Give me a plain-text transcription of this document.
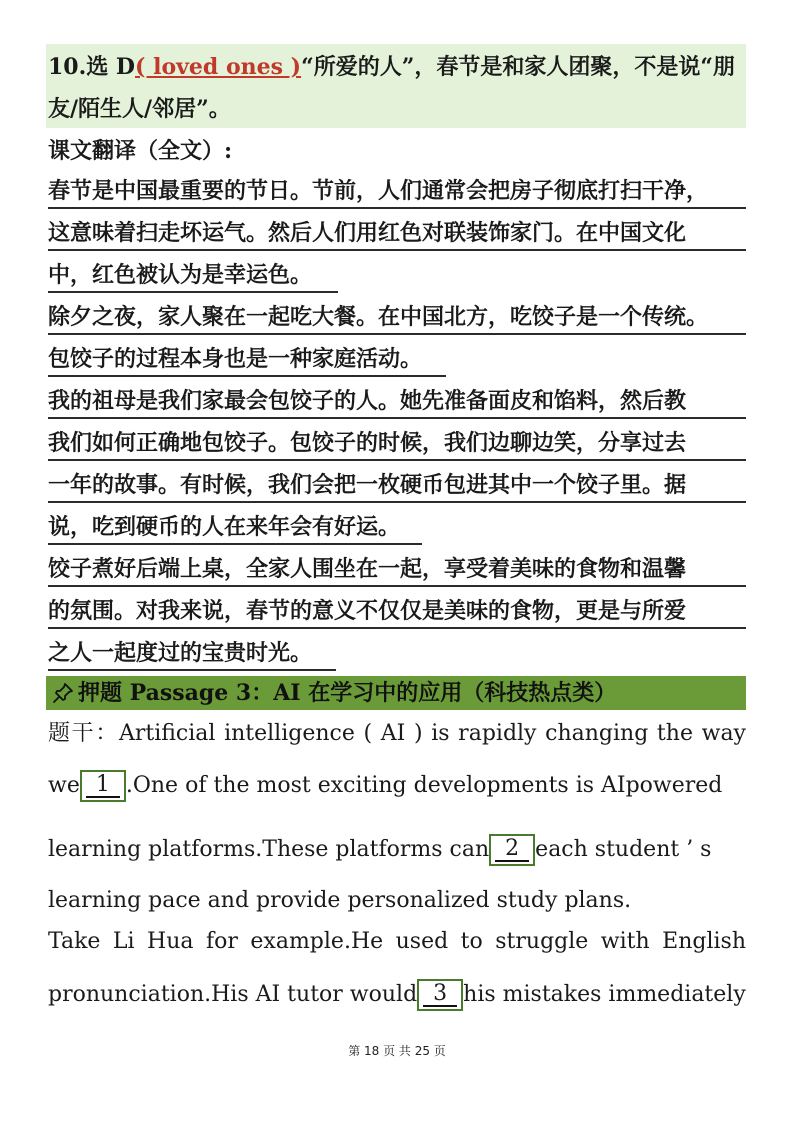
10.选 D( loved ones )“所爱的人”，春节是和家人团聚，不是说“朋
友/陌生人/邻居”。
课文翻译（全文）:
春节是中国最重要的节日。节前，人们通常会把房子彻底打扫干净，
这意味着扫走坏运气。然后人们用红色对联装饰家门。在中国文化
中，红色被认为是幸运色。
除夕之夜，家人聚在一起吃大餐。在中国北方，吃饺子是一个传统。
包饺子的过程本身也是一种家庭活动。
我的祖母是我们家最会包饺子的人。她先准备面皮和馅料，然后教
我们如何正确地包饺子。包饺子的时候，我们边聊边笑，分享过去
一年的故事。有时候，我们会把一枚硬币包进其中一个饺子里。据
说，吃到硬币的人在来年会有好运。
饺子煮好后端上桌，全家人围坐在一起，享受着美味的食物和温馨
的氛围。对我来说，春节的意义不仅仅是美味的食物，更是与所爱
之人一起度过的宝贵时光。
押题 Passage 3：AI 在学习中的应用（科技热点类）
题干：Artificial intelligence ( AI ) is rapidly changing the way
we 1 .One of the most exciting developments is AIpowered
learning platforms.These platforms can 2 each student ’ s
learning pace and provide personalized study plans.
Take Li Hua for example.He used to struggle with English
pronunciation.His AI tutor would 3 his mistakes immediately
第 18 页 共 25 页
